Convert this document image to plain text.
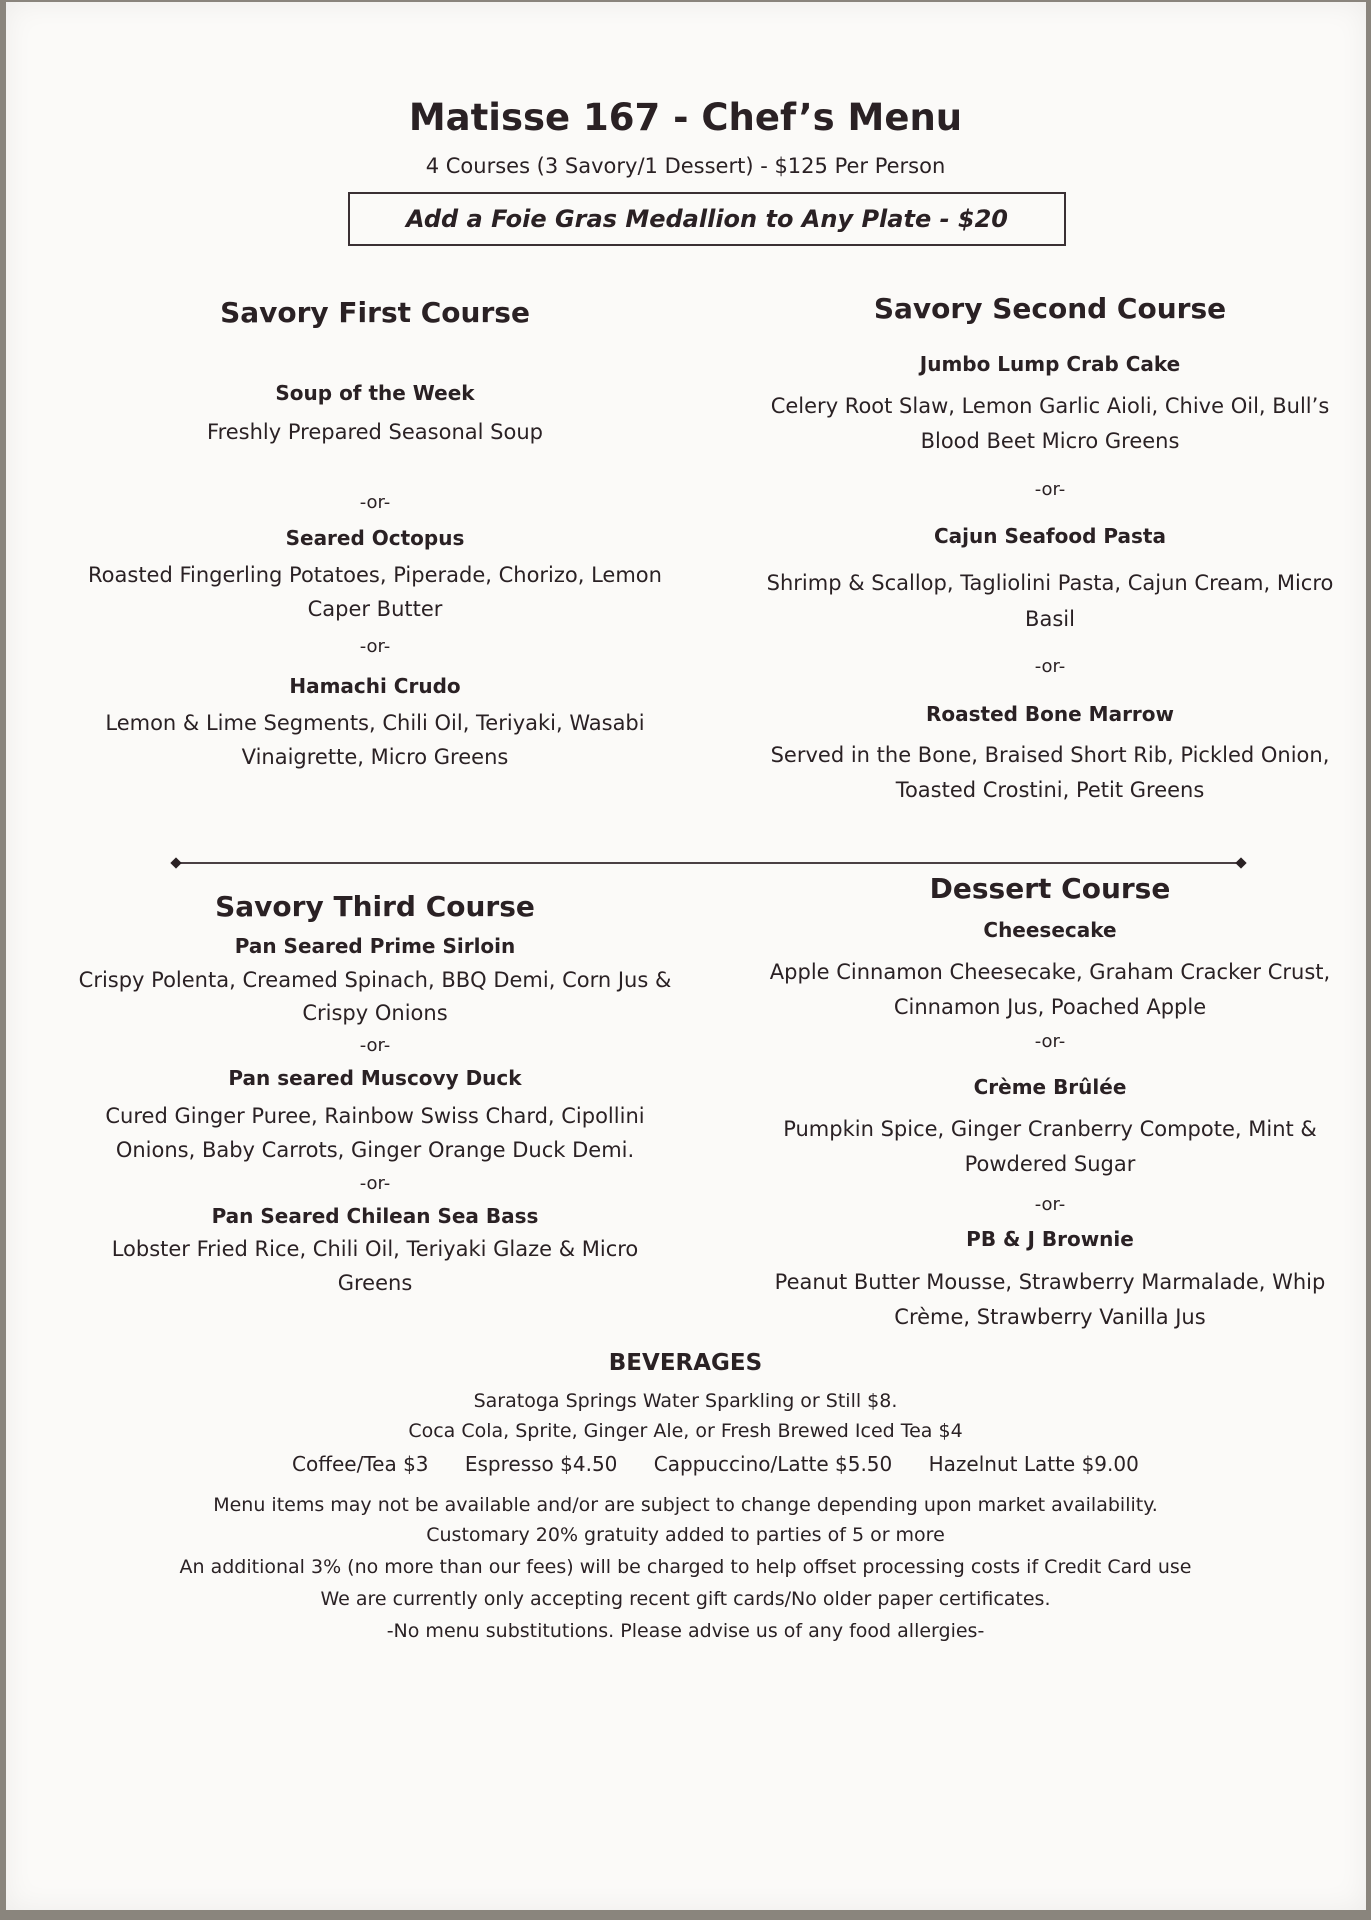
Matisse 167 - Chef’s Menu
4 Courses (3 Savory/1 Dessert) - $125 Per Person
Add a Foie Gras Medallion to Any Plate - $20
Savory First Course
Soup of the Week
Freshly Prepared Seasonal Soup
-or-
Seared Octopus
Roasted Fingerling Potatoes, Piperade, Chorizo, Lemon
Caper Butter
-or-
Hamachi Crudo
Lemon & Lime Segments, Chili Oil, Teriyaki, Wasabi
Vinaigrette, Micro Greens
Savory Second Course
Jumbo Lump Crab Cake
Celery Root Slaw, Lemon Garlic Aioli, Chive Oil, Bull’s
Blood Beet Micro Greens
-or-
Cajun Seafood Pasta
Shrimp & Scallop, Tagliolini Pasta, Cajun Cream, Micro
Basil
-or-
Roasted Bone Marrow
Served in the Bone, Braised Short Rib, Pickled Onion,
Toasted Crostini, Petit Greens
Savory Third Course
Pan Seared Prime Sirloin
Crispy Polenta, Creamed Spinach, BBQ Demi, Corn Jus &
Crispy Onions
-or-
Pan seared Muscovy Duck
Cured Ginger Puree, Rainbow Swiss Chard, Cipollini
Onions, Baby Carrots, Ginger Orange Duck Demi.
-or-
Pan Seared Chilean Sea Bass
Lobster Fried Rice, Chili Oil, Teriyaki Glaze & Micro
Greens
Dessert Course
Cheesecake
Apple Cinnamon Cheesecake, Graham Cracker Crust,
Cinnamon Jus, Poached Apple
-or-
Crème Brûlée
Pumpkin Spice, Ginger Cranberry Compote, Mint &
Powdered Sugar
-or-
PB & J Brownie
Peanut Butter Mousse, Strawberry Marmalade, Whip
Crème, Strawberry Vanilla Jus
BEVERAGES
Saratoga Springs Water Sparkling or Still $8.
Coca Cola, Sprite, Ginger Ale, or Fresh Brewed Iced Tea $4
Coffee/Tea $3 Espresso $4.50 Cappuccino/Latte $5.50 Hazelnut Latte $9.00
Menu items may not be available and/or are subject to change depending upon market availability.
Customary 20% gratuity added to parties of 5 or more
An additional 3% (no more than our fees) will be charged to help offset processing costs if Credit Card use
We are currently only accepting recent gift cards/No older paper certificates.
-No menu substitutions. Please advise us of any food allergies-
